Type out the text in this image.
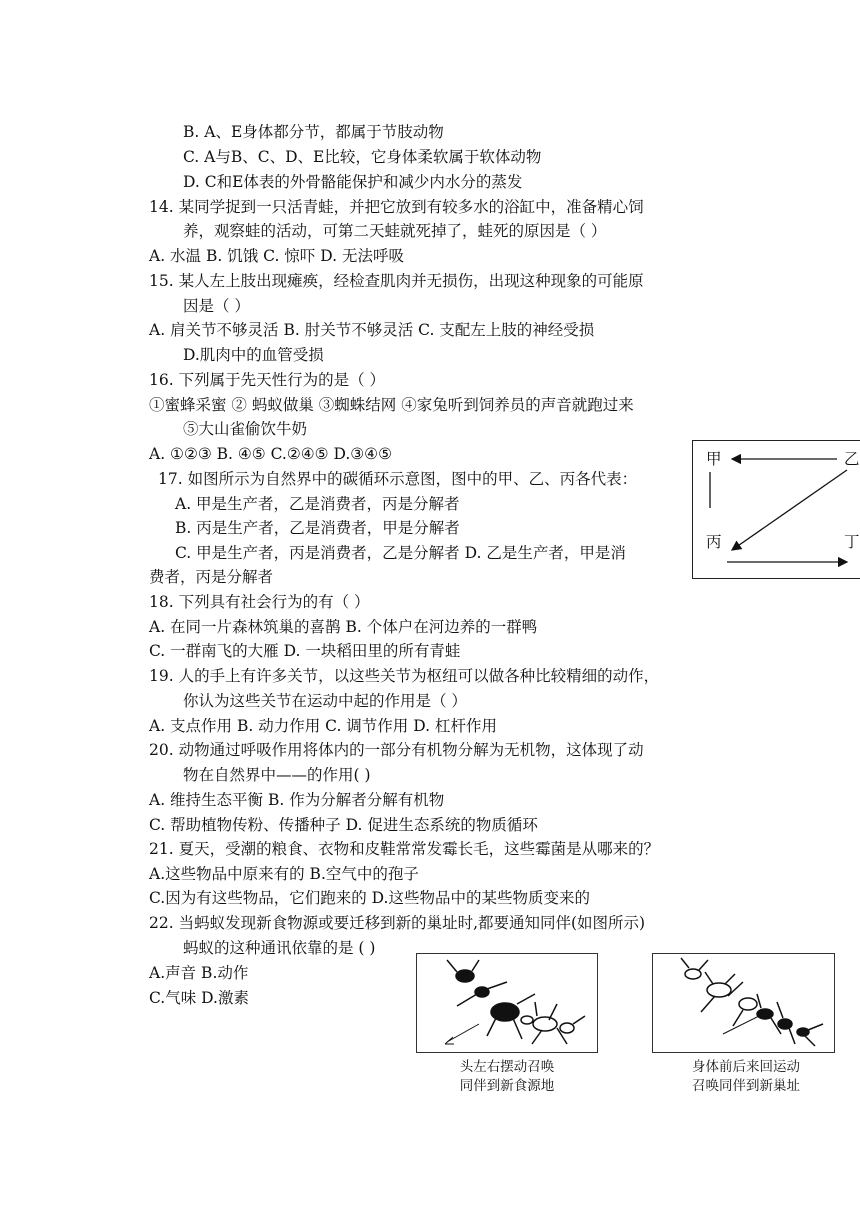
B. A、E身体都分节，都属于节肢动物
C. A与B、C、D、E比较，它身体柔软属于软体动物
D. C和E体表的外骨骼能保护和减少内水分的蒸发
14. 某同学捉到一只活青蛙，并把它放到有较多水的浴缸中，准备精心饲
养，观察蛙的活动，可第二天蛙就死掉了，蛙死的原因是（ ）
A. 水温 B. 饥饿 C. 惊吓 D. 无法呼吸
15. 某人左上肢出现瘫痪，经检查肌肉并无损伤，出现这种现象的可能原
因是（ ）
A. 肩关节不够灵活 B. 肘关节不够灵活 C. 支配左上肢的神经受损
D.肌肉中的血管受损
16. 下列属于先天性行为的是（ ）
①蜜蜂采蜜 ② 蚂蚁做巢 ③蜘蛛结网 ④家兔听到饲养员的声音就跑过来
⑤大山雀偷饮牛奶
A. ①②③ B. ④⑤ C.②④⑤ D.③④⑤
17. 如图所示为自然界中的碳循环示意图，图中的甲、乙、丙各代表：
A. 甲是生产者，乙是消费者，丙是分解者
B. 丙是生产者，乙是消费者，甲是分解者
C. 甲是生产者，丙是消费者，乙是分解者 D. 乙是生产者，甲是消
费者，丙是分解者
甲	乙
丙	丁
18. 下列具有社会行为的有（ ）
A. 在同一片森林筑巢的喜鹊 B. 个体户在河边养的一群鸭
C. 一群南飞的大雁 D. 一块稻田里的所有青蛙
19. 人的手上有许多关节，以这些关节为枢纽可以做各种比较精细的动作，
你认为这些关节在运动中起的作用是（ ）
A. 支点作用 B. 动力作用 C. 调节作用 D. 杠杆作用
20. 动物通过呼吸作用将体内的一部分有机物分解为无机物，这体现了动
物在自然界中——的作用( )
A. 维持生态平衡 B. 作为分解者分解有机物
C. 帮助植物传粉、传播种子 D. 促进生态系统的物质循环
21. 夏天，受潮的粮食、衣物和皮鞋常常发霉长毛，这些霉菌是从哪来的？
A.这些物品中原来有的 B.空气中的孢子
C.因为有这些物品，它们跑来的 D.这些物品中的某些物质变来的
22. 当蚂蚁发现新食物源或要迁移到新的巢址时,都要通知同伴(如图所示)
蚂蚁的这种通讯依靠的是 ( )
A.声音 B.动作
C.气味 D.激素
头左右摆动召唤
同伴到新食源地
身体前后来回运动
召唤同伴到新巢址
